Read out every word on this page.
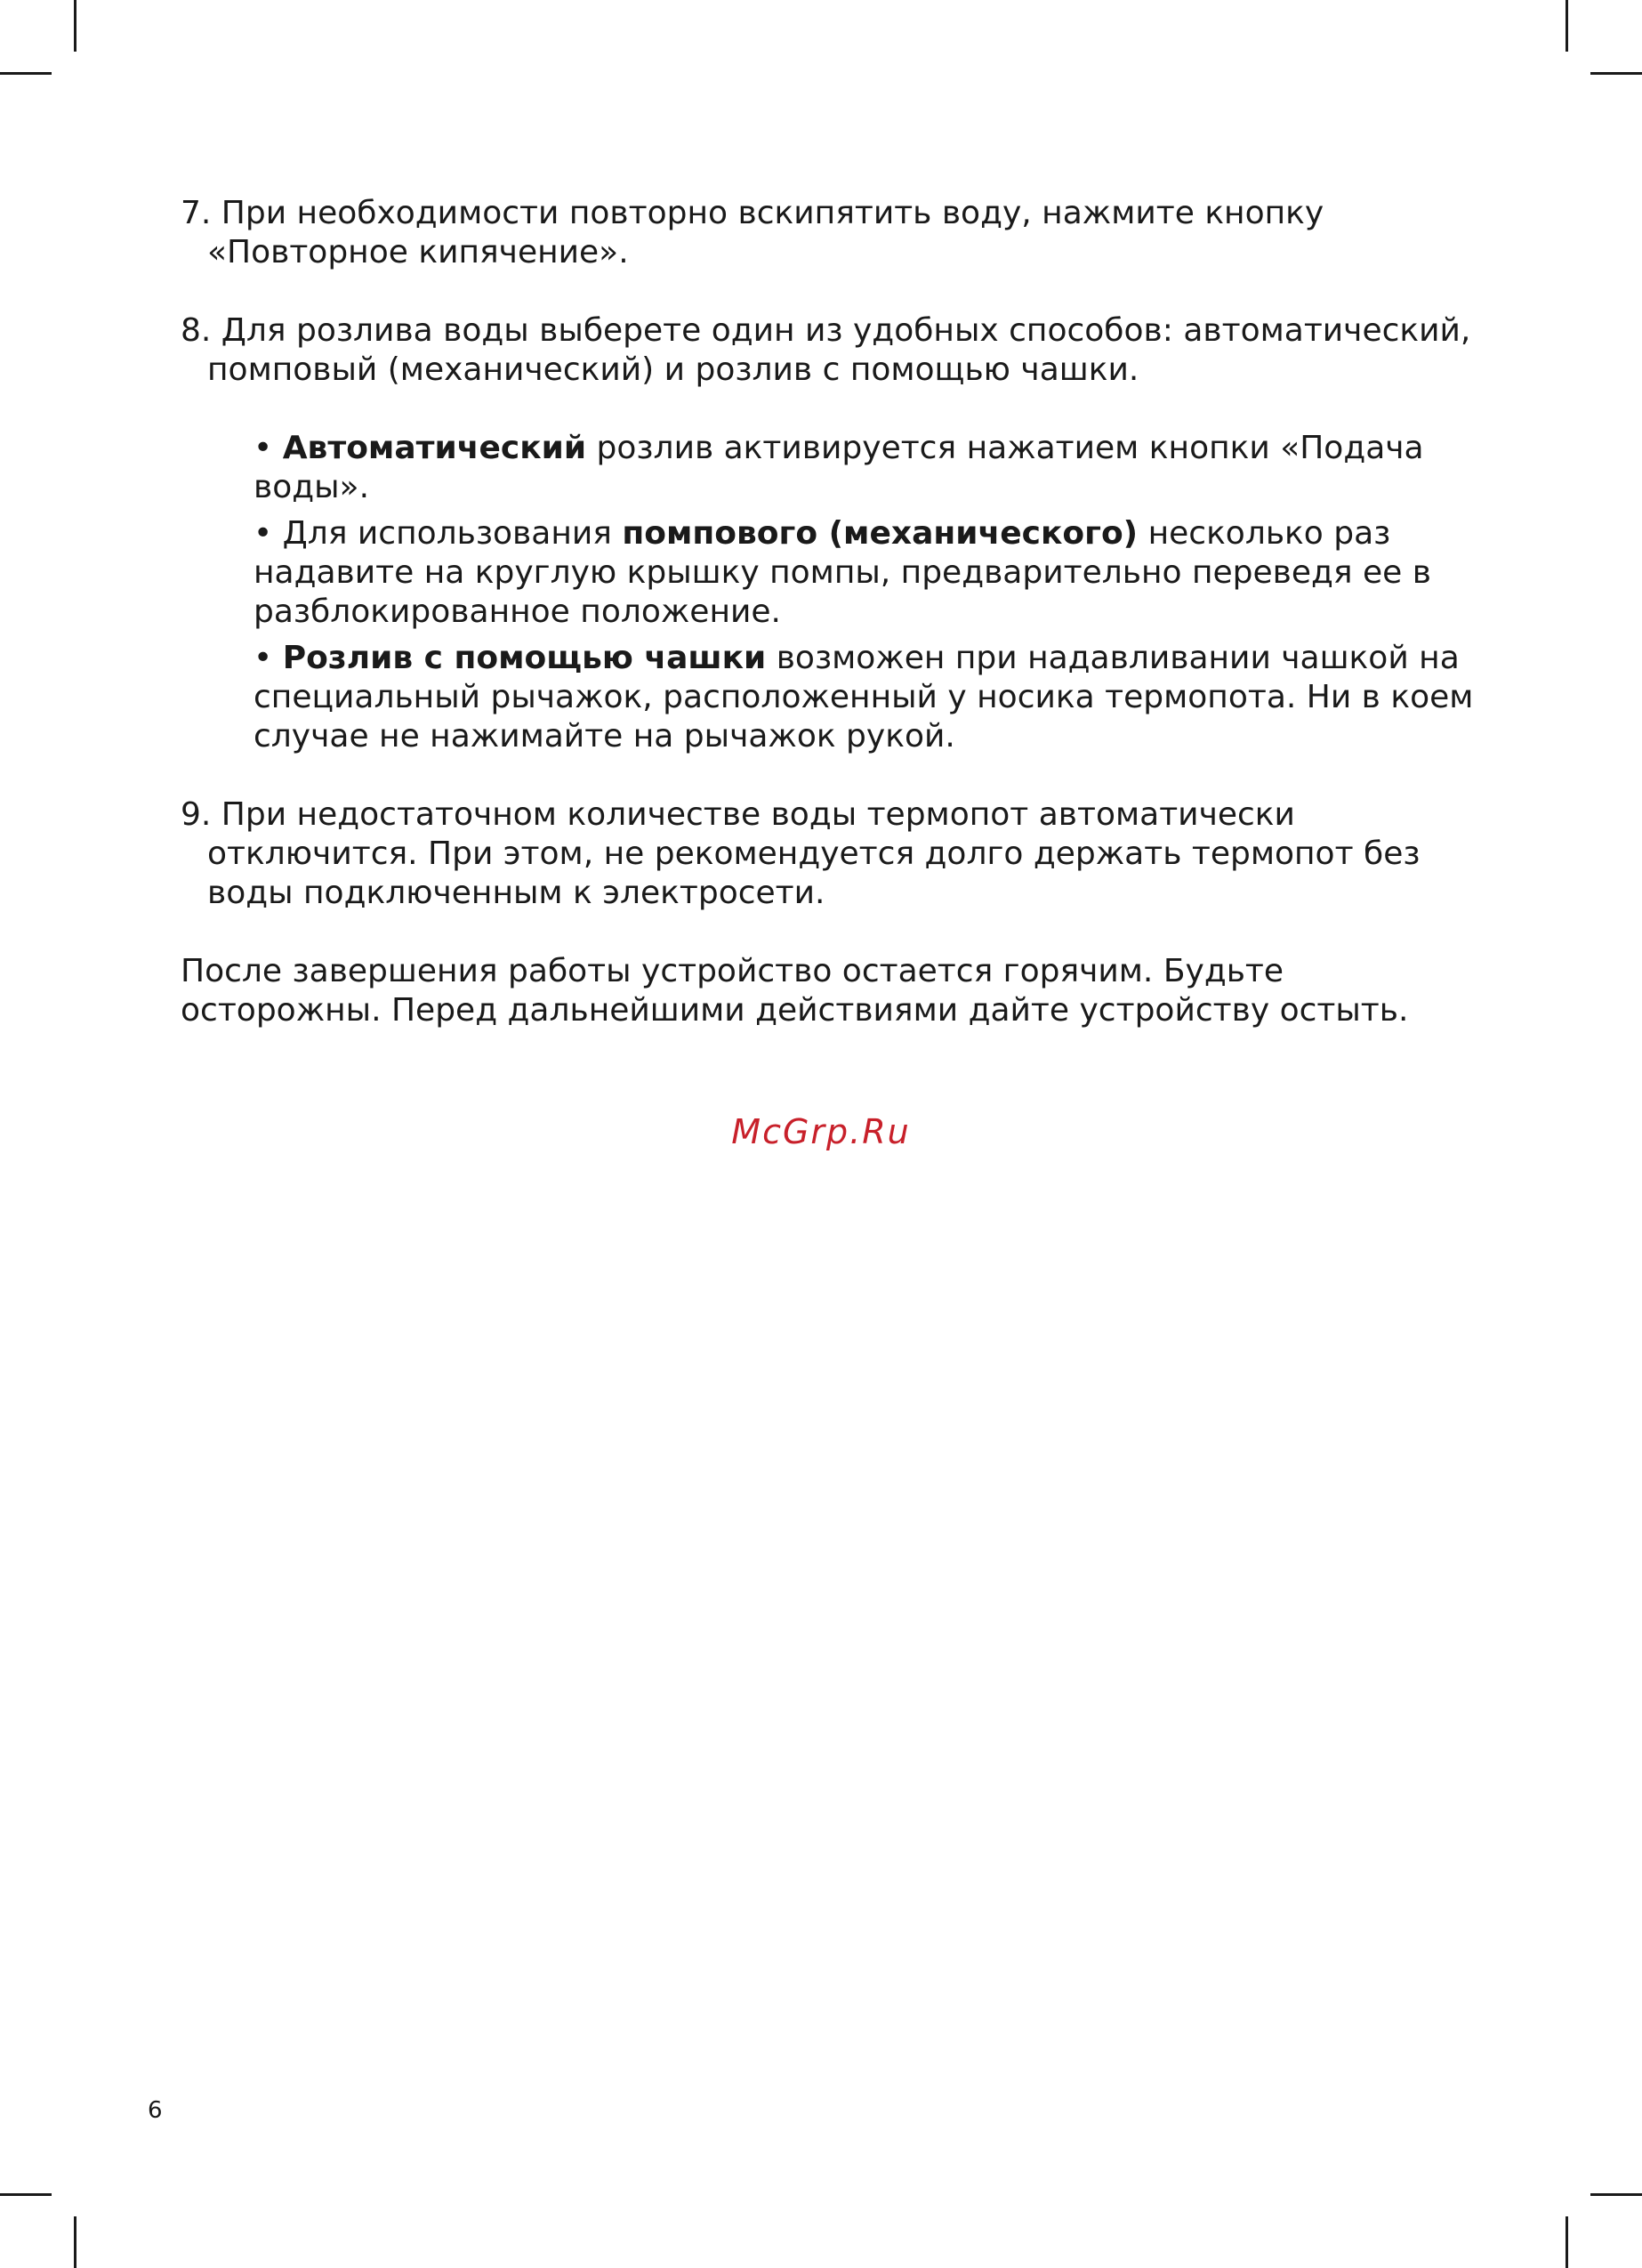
7. При необходимости повторно вскипятить воду, нажмите кнопку «Повторное кипячение».

8. Для розлива воды выберете один из удобных способов: автоматический, помповый (механический) и розлив с помощью чашки.

• Автоматический розлив активируется нажатием кнопки «Подача воды».
• Для использования помпового (механического) несколько раз надавите на круглую крышку помпы, предварительно переведя ее в разблокированное положение.
• Розлив с помощью чашки возможен при надавливании чашкой на специальный рычажок, расположенный у носика термопота. Ни в коем случае не нажимайте на рычажок рукой.

9. При недостаточном количестве воды термопот автоматически отключится. При этом, не рекомендуется долго держать термопот без воды подключенным к электросети.

После завершения работы устройство остается горячим. Будьте осторожны. Перед дальнейшими действиями дайте устройству остыть.

McGrp.Ru
6
